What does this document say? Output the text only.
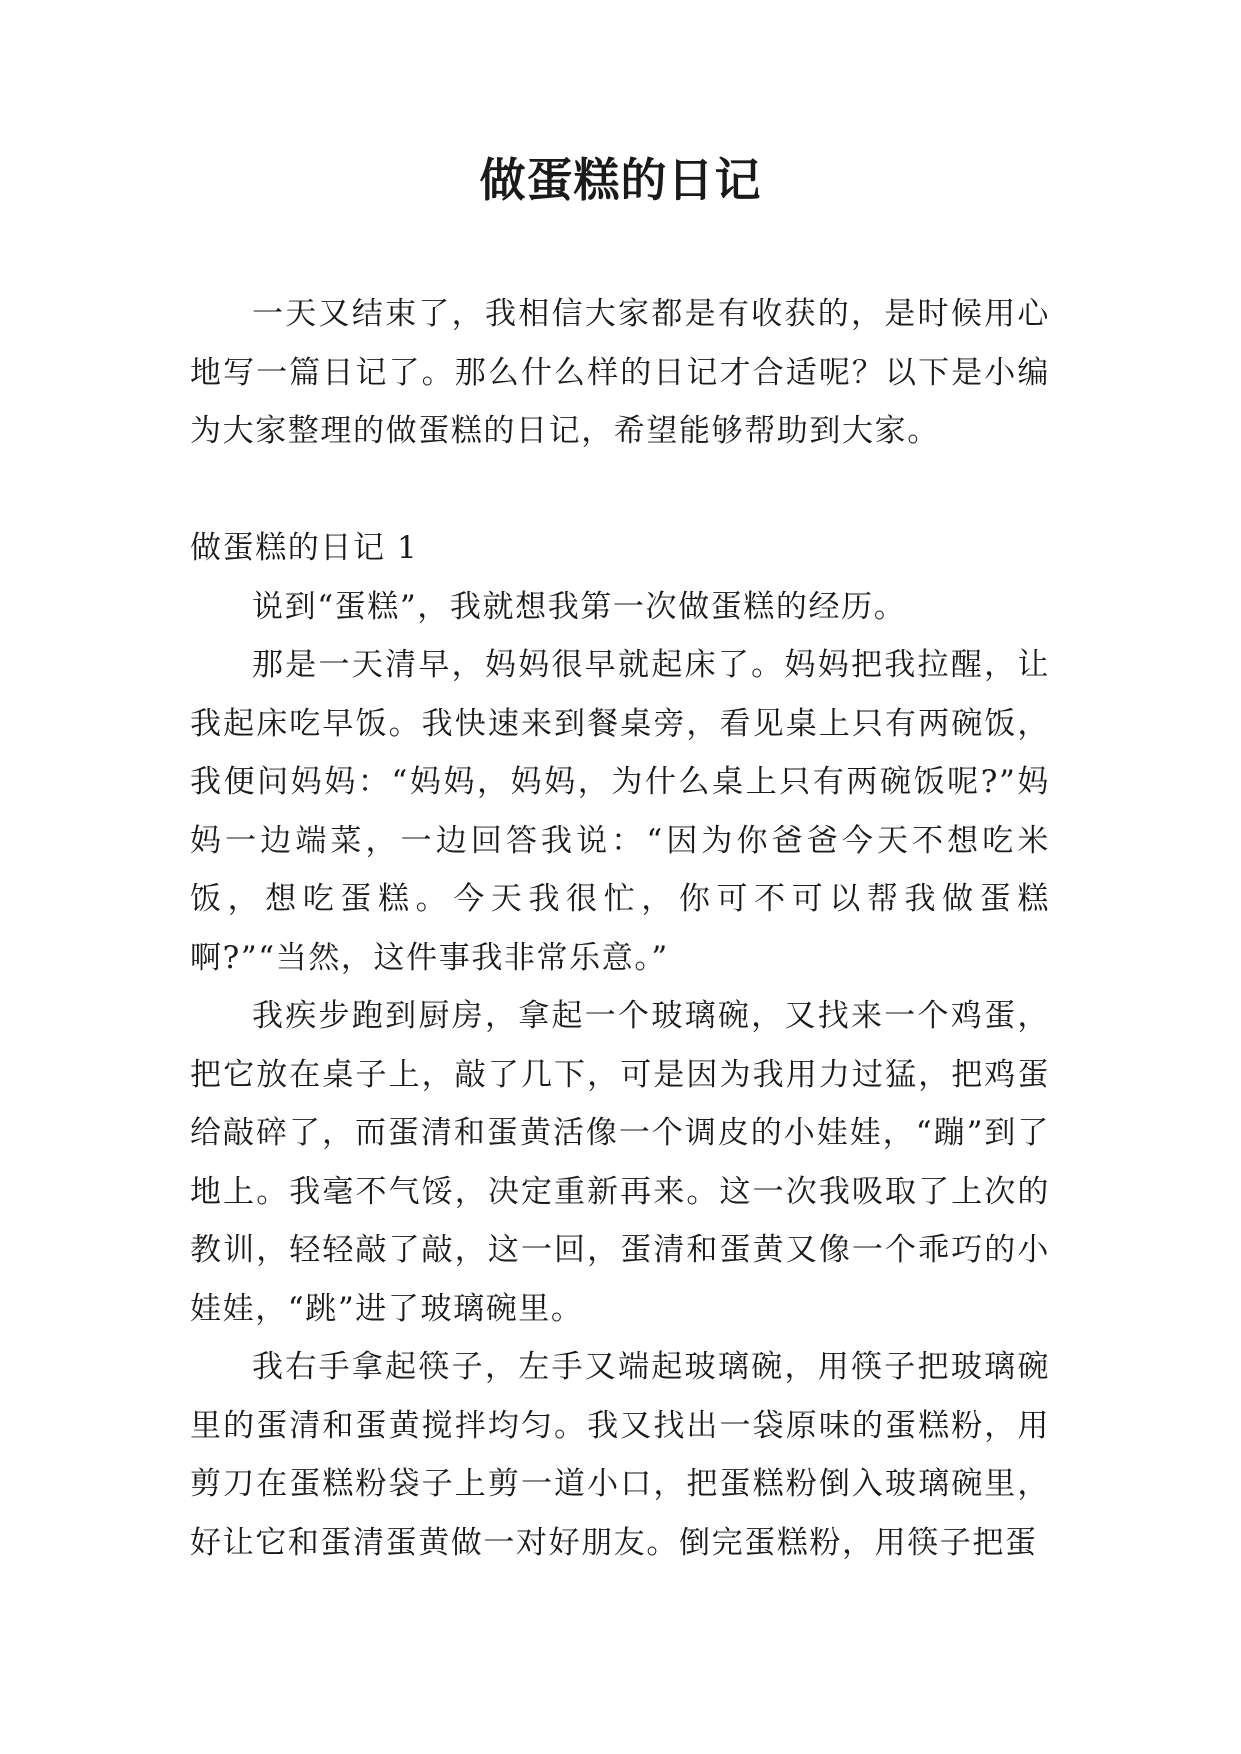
做蛋糕的日记

一天又结束了，我相信大家都是有收获的，是时候用心地写一篇日记了。那么什么样的日记才合适呢？以下是小编为大家整理的做蛋糕的日记，希望能够帮助到大家。

做蛋糕的日记 1

说到“蛋糕”，我就想我第一次做蛋糕的经历。

那是一天清早，妈妈很早就起床了。妈妈把我拉醒，让我起床吃早饭。我快速来到餐桌旁，看见桌上只有两碗饭，我便问妈妈：“妈妈，妈妈，为什么桌上只有两碗饭呢?”妈妈一边端菜，一边回答我说：“因为你爸爸今天不想吃米饭，想吃蛋糕。今天我很忙，你可不可以帮我做蛋糕啊?”“当然，这件事我非常乐意。”

我疾步跑到厨房，拿起一个玻璃碗，又找来一个鸡蛋，把它放在桌子上，敲了几下，可是因为我用力过猛，把鸡蛋给敲碎了，而蛋清和蛋黄活像一个调皮的小娃娃，“蹦”到了地上。我毫不气馁，决定重新再来。这一次我吸取了上次的教训，轻轻敲了敲，这一回，蛋清和蛋黄又像一个乖巧的小娃娃，“跳”进了玻璃碗里。

我右手拿起筷子，左手又端起玻璃碗，用筷子把玻璃碗里的蛋清和蛋黄搅拌均匀。我又找出一袋原味的蛋糕粉，用剪刀在蛋糕粉袋子上剪一道小口，把蛋糕粉倒入玻璃碗里，好让它和蛋清蛋黄做一对好朋友。倒完蛋糕粉，用筷子把蛋
